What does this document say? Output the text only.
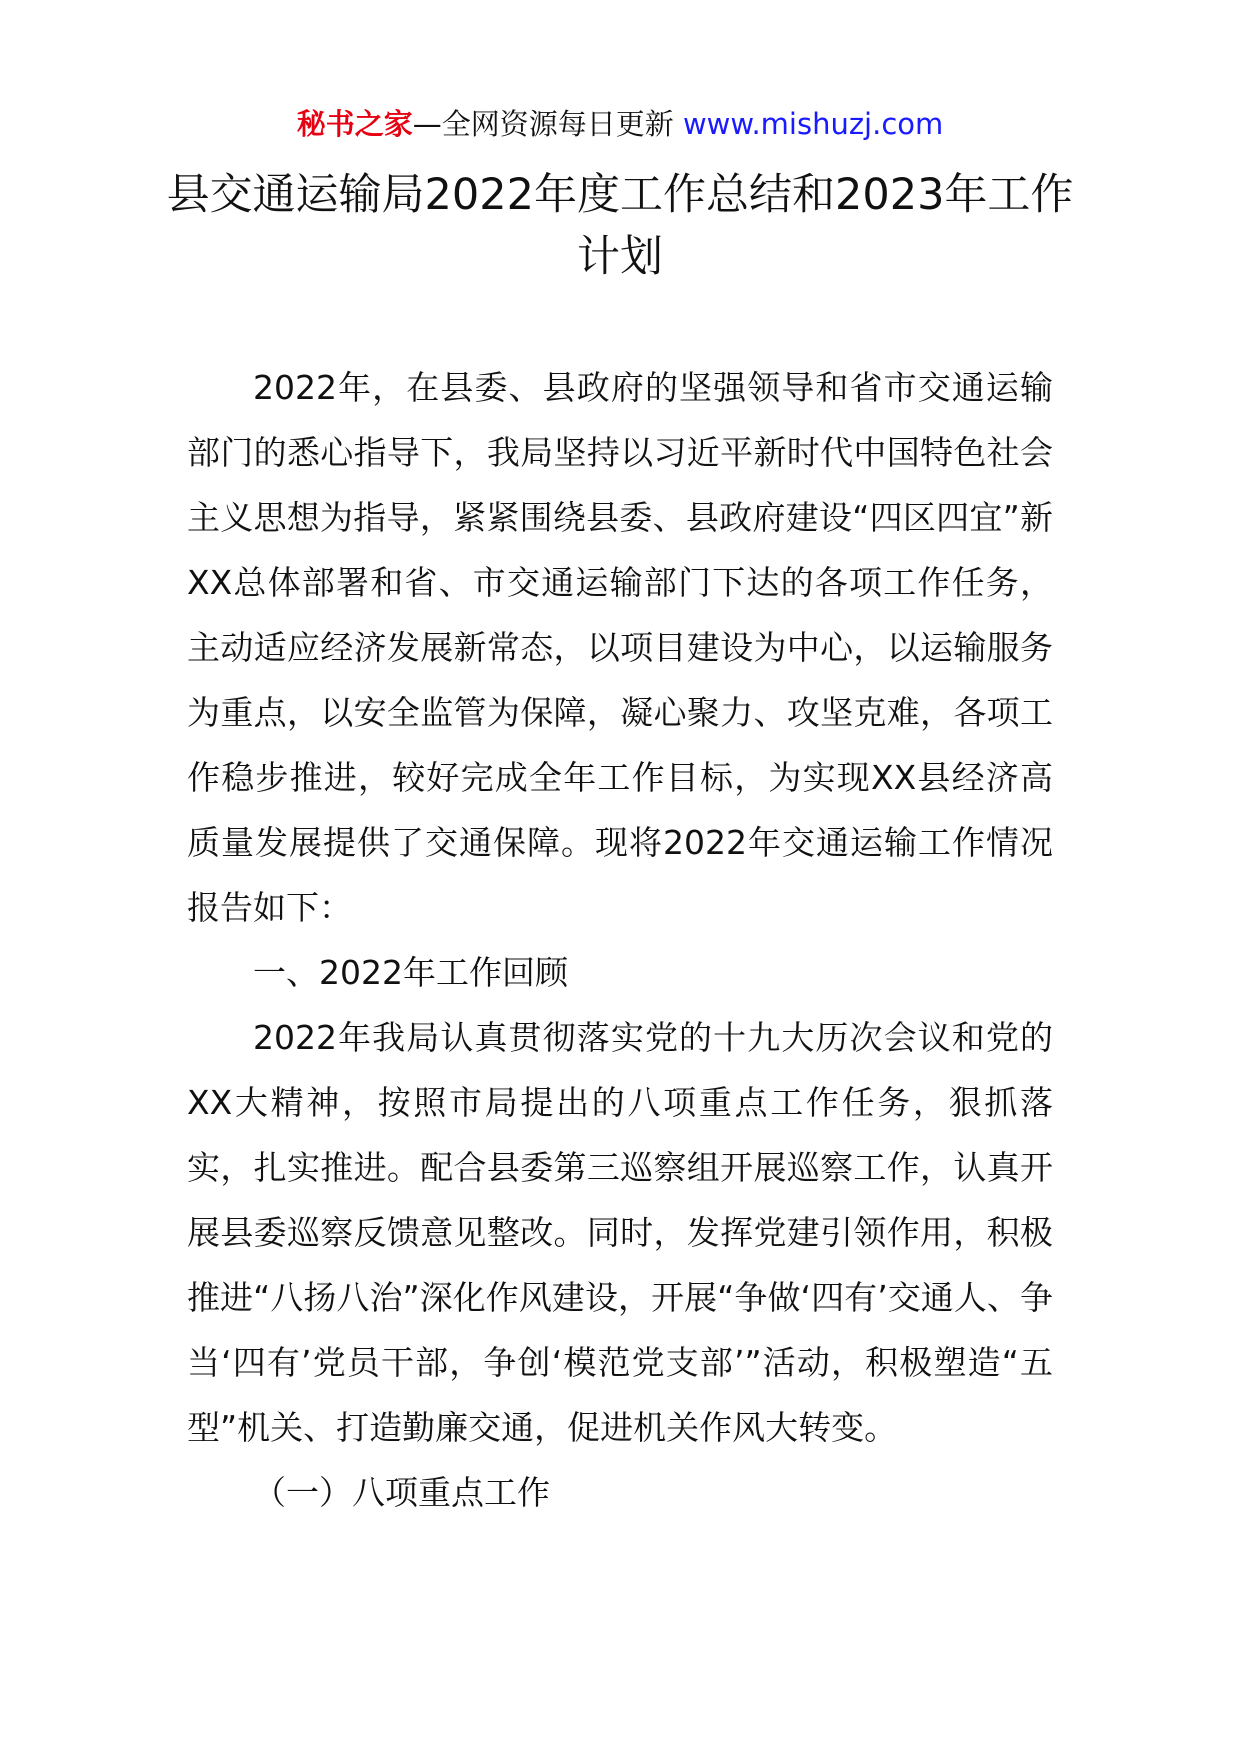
秘书之家—全网资源每日更新 www.mishuzj.com
县交通运输局2022年度工作总结和2023年工作计划

2022年，在县委、县政府的坚强领导和省市交通运输部门的悉心指导下，我局坚持以习近平新时代中国特色社会主义思想为指导，紧紧围绕县委、县政府建设“四区四宜”新XX总体部署和省、市交通运输部门下达的各项工作任务，主动适应经济发展新常态，以项目建设为中心，以运输服务为重点，以安全监管为保障，凝心聚力、攻坚克难，各项工作稳步推进，较好完成全年工作目标，为实现XX县经济高质量发展提供了交通保障。现将2022年交通运输工作情况报告如下：

一、2022年工作回顾

2022年我局认真贯彻落实党的十九大历次会议和党的XX大精神，按照市局提出的八项重点工作任务，狠抓落实，扎实推进。配合县委第三巡察组开展巡察工作，认真开展县委巡察反馈意见整改。同时，发挥党建引领作用，积极推进“八扬八治”深化作风建设，开展“争做‘四有’交通人、争当‘四有’党员干部，争创‘模范党支部’”活动，积极塑造“五型”机关、打造勤廉交通，促进机关作风大转变。

（一）八项重点工作
